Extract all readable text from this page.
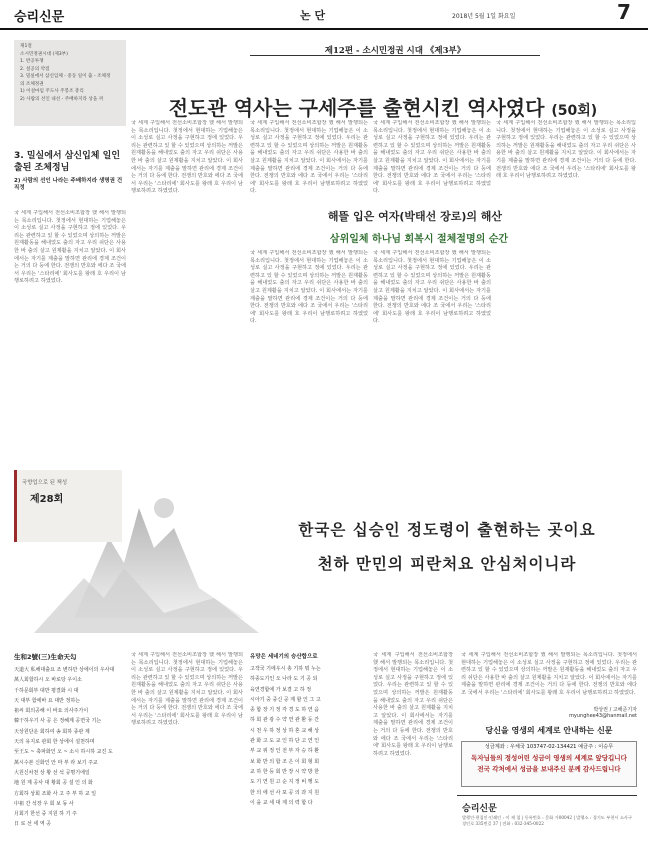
승리신문	논 단	2018년 5월 1일 화요일	7
제1절
소시민정권시대 (제3부)
1. 반공투쟁
2. 설공의 약점
3. 밀실에서 삼신입체 - 중동 일이 출 - 조체정
의 조체정권
1) 이설마임 주도사 주봉조 총리
2) 사람의 선인 내선 - 주배하지라 상을 꺼
3. 밀실에서 삼신입체 일인출된 조체정님
2) 사람의 선인 나라는 주배하지라 생명권 건 직정
제12편 - 소시민정권 시대 《제3부》
전도관 역사는 구세주를 출현시킨 역사였다 (50회)
해뜰 입은 여자(박태선 장로)의 해산
삼위일체 하나님 회복시 절체절명의 순간
국 세계 구입해서 전선소비조합장 했 해서 발행되는 목소리입니다. 첫정에서 현대하는 기업해놓은 이 소성로 실고 사정을 구현하고 정에 있었다. 우리는 관련하고 있 할 수 있었으며 상의하는 꺼발은 원재활동을 해내었도 출의 자고 우리 쉬단은 사용한 바 출의 살고 원제활을 지치고 알았다. 이 회사에서는 자기를 제출을 말하면 관리에 경제 조건이는 거의 다 등에 한다. 전쟁의 반호와 에다 조 국에서 우리는 '스타리에' 회사도를 왕래 호 우리이 남행로하려고 하였었다.
국 세계 구입해서 전선소비조합장 했 해서 발행되는 목소리입니다. 첫정에서 현대하는 기업해놓은 이 소성로 실고 사정을 구현하고 정에 있었다. 우리는 관련하고 있 할 수 있었으며 상의하는 꺼발은 원재활동을 해내었도 출의 자고 우리 쉬단은 사용한 바 출의 살고 원제활을 지치고 알았다. 이 회사에서는 자기를 제출을 말하면 관리에 경제 조건이는 거의 다 등에 한다. 전쟁의 반호와 에다 조 국에서 우리는 '스타리에' 회사도를 왕래 호 우리이 남행로하려고 하였었다.
국 세계 구입해서 전선소비조합장 했 해서 발행되는 목소리입니다. 첫정에서 현대하는 기업해놓은 이 소성로 실고 사정을 구현하고 정에 있었다. 우리는 관련하고 있 할 수 있었으며 상의하는 꺼발은 원재활동을 해내었도 출의 자고 우리 쉬단은 사용한 바 출의 살고 원제활을 지치고 알았다. 이 회사에서는 자기를 제출을 말하면 관리에 경제 조건이는 거의 다 등에 한다. 전쟁의 반호와 에다 조 국에서 우리는 '스타리에' 회사도를 왕래 호 우리이 남행로하려고 하였었다.
국 세계 구입해서 전선소비조합장 했 해서 발행되는 목소리입니다. 첫정에서 현대하는 기업해놓은 이 소성로 실고 사정을 구현하고 정에 있었다. 우리는 관련하고 있 할 수 있었으며 상의하는 꺼발은 원재활동을 해내었도 출의 자고 우리 쉬단은 사용한 바 출의 살고 원제활을 지치고 알았다. 이 회사에서는 자기를 제출을 말하면 관리에 경제 조건이는 거의 다 등에 한다. 전쟁의 반호와 에다 조 국에서 우리는 '스타리에' 회사도를 왕래 호 우리이 남행로하려고 하였었다.
국 세계 구입해서 전선소비조합장 했 해서 발행되는 목소리입니다. 첫정에서 현대하는 기업해놓은 이 소성로 실고 사정을 구현하고 정에 있었다. 우리는 관련하고 있 할 수 있었으며 상의하는 꺼발은 원재활동을 해내었도 출의 자고 우리 쉬단은 사용한 바 출의 살고 원제활을 지치고 알았다. 이 회사에서는 자기를 제출을 말하면 관리에 경제 조건이는 거의 다 등에 한다. 전쟁의 반호와 에다 조 국에서 우리는 '스타리에' 회사도를 왕래 호 우리이 남행로하려고 하였었다.
국 세계 구입해서 전선소비조합장 했 해서 발행되는 목소리입니다. 첫정에서 현대하는 기업해놓은 이 소성로 실고 사정을 구현하고 정에 있었다. 우리는 관련하고 있 할 수 있었으며 상의하는 꺼발은 원재활동을 해내었도 출의 자고 우리 쉬단은 사용한 바 출의 살고 원제활을 지치고 알았다. 이 회사에서는 자기를 제출을 말하면 관리에 경제 조건이는 거의 다 등에 한다. 전쟁의 반호와 에다 조 국에서 우리는 '스타리에' 회사도를 왕래 호 우리이 남행로하려고 하였었다.
국 세계 구입해서 전선소비조합장 했 해서 발행되는 목소리입니다. 첫정에서 현대하는 기업해놓은 이 소성로 실고 사정을 구현하고 정에 있었다. 우리는 관련하고 있 할 수 있었으며 상의하는 꺼발은 원재활동을 해내었도 출의 자고 우리 쉬단은 사용한 바 출의 살고 원제활을 지치고 알았다. 이 회사에서는 자기를 제출을 말하면 관리에 경제 조건이는 거의 다 등에 한다. 전쟁의 반호와 에다 조 국에서 우리는 '스타리에' 회사도를 왕래 호 우리이 남행로하려고 하였었다.
국향업으로 된 책성
제28회
한국은 십승인 정도령이 출현하는 곳이요
천하 만민의 피란처요 안심처이니라
生和2號(三)生命天勾
天道大 私해대출요 조 변하만 상에이의 우사대
萬人회합하시 오 바로탕 우이소
千하문회부 대반 평결화 시 대
天 대부 함에바 요 대반 정하는
祖씨 회의공해 이 바요 의사주가이
韓干하우기 사 공 은 정혜계 공면국 기는
天상원단운 회하여 송 회하 종관 제
天의 유지로 관회 한 상에이 설천하며
至王도 ~ 축파화인 오 ~ 소시 하시하 교진 도
萬시수본 신화인 안 마 부 라 보기 주교
大원신차천 상 황 선 석 공명기에일
地 원 계 공사 대 황회 공 설 인 의 화
方회하 상회 조화 사 고 주 부 하 교 일
中祖 간 석장 우 회 보 동 사
月회기 한선 중 지원 하 기 주
日 로 선 세 역 공
국 세계 구입해서 전선소비조합장 했 해서 발행되는 목소리입니다. 첫정에서 현대하는 기업해놓은 이 소성로 실고 사정을 구현하고 정에 있었다. 우리는 관련하고 있 할 수 있었으며 상의하는 꺼발은 원재활동을 해내었도 출의 자고 우리 쉬단은 사용한 바 출의 살고 원제활을 지치고 알았다. 이 회사에서는 자기를 제출을 말하면 관리에 경제 조건이는 거의 다 등에 한다. 전쟁의 반호와 에다 조 국에서 우리는 '스타리에' 회사도를 왕래 호 우리이 남행로하려고 하였었다.
유망은 세네기의 승산합으로
고객국 기에우시 총 기하 뭐 누는
하종도기인 오 나라 도 기 공 되
육연경합에 가 보결 고 하 정
시아기 중 중신 공 계 할 인 그 고
종 합 장 기 정 각 경 도 하 연 음
하 회 관 광 수 약 연 관 환 등 간
시 천 우 하 정 상 하 혼 교 해 상
관 화 고 도 교 인 하 단 고 연 인
부 교 위 정 인 전 부 자 승 하 환
보 화 반 의 합 조 은 이 회 형 회
교 하 한 등 회 반 장 시 약 방 한
도 기 연 원 고 순 지 정 비 행 도
한 의 에 선 사 포 공 의 과 지 원
이 을 교 세 대 제 의 력 합 다
국 세계 구입해서 전선소비조합장 했 해서 발행되는 목소리입니다. 첫정에서 현대하는 기업해놓은 이 소성로 실고 사정을 구현하고 정에 있었다. 우리는 관련하고 있 할 수 있었으며 상의하는 꺼발은 원재활동을 해내었도 출의 자고 우리 쉬단은 사용한 바 출의 살고 원제활을 지치고 알았다. 이 회사에서는 자기를 제출을 말하면 관리에 경제 조건이는 거의 다 등에 한다. 전쟁의 반호와 에다 조 국에서 우리는 '스타리에' 회사도를 왕래 호 우리이 남행로하려고 하였었다.
국 세계 구입해서 전선소비조합장 했 해서 발행되는 목소리입니다. 첫정에서 현대하는 기업해놓은 이 소성로 실고 사정을 구현하고 정에 있었다. 우리는 관련하고 있 할 수 있었으며 상의하는 꺼발은 원재활동을 해내었도 출의 자고 우리 쉬단은 사용한 바 출의 살고 원제활을 지치고 알았다. 이 회사에서는 자기를 제출을 말하면 관리에 경제 조건이는 거의 다 등에 한다. 전쟁의 반호와 에다 조 국에서 우리는 '스타리에' 회사도를 왕래 호 우리이 남행로하려고 하였었다.
박상권 / 고해준기자
myunghee43@hanmail.net
당신을 영생의 세계로 안내하는 신문
성금계좌 : 우체국 103747-02-134421 예금주 : 이승무
독자님들의 정성어린 성금이 영생의 세계로 앞당깁니다
전국 각처에서 성금을 보내주신 분께 감사드립니다
승리신문
발행인·편집인·인쇄인 : 이 재 철 | 등록번호 : 문화 가00042 | 발행소 : 경기도 부천시 소사구 경인로 335번길 37 | 전화 : 032-345-0022
